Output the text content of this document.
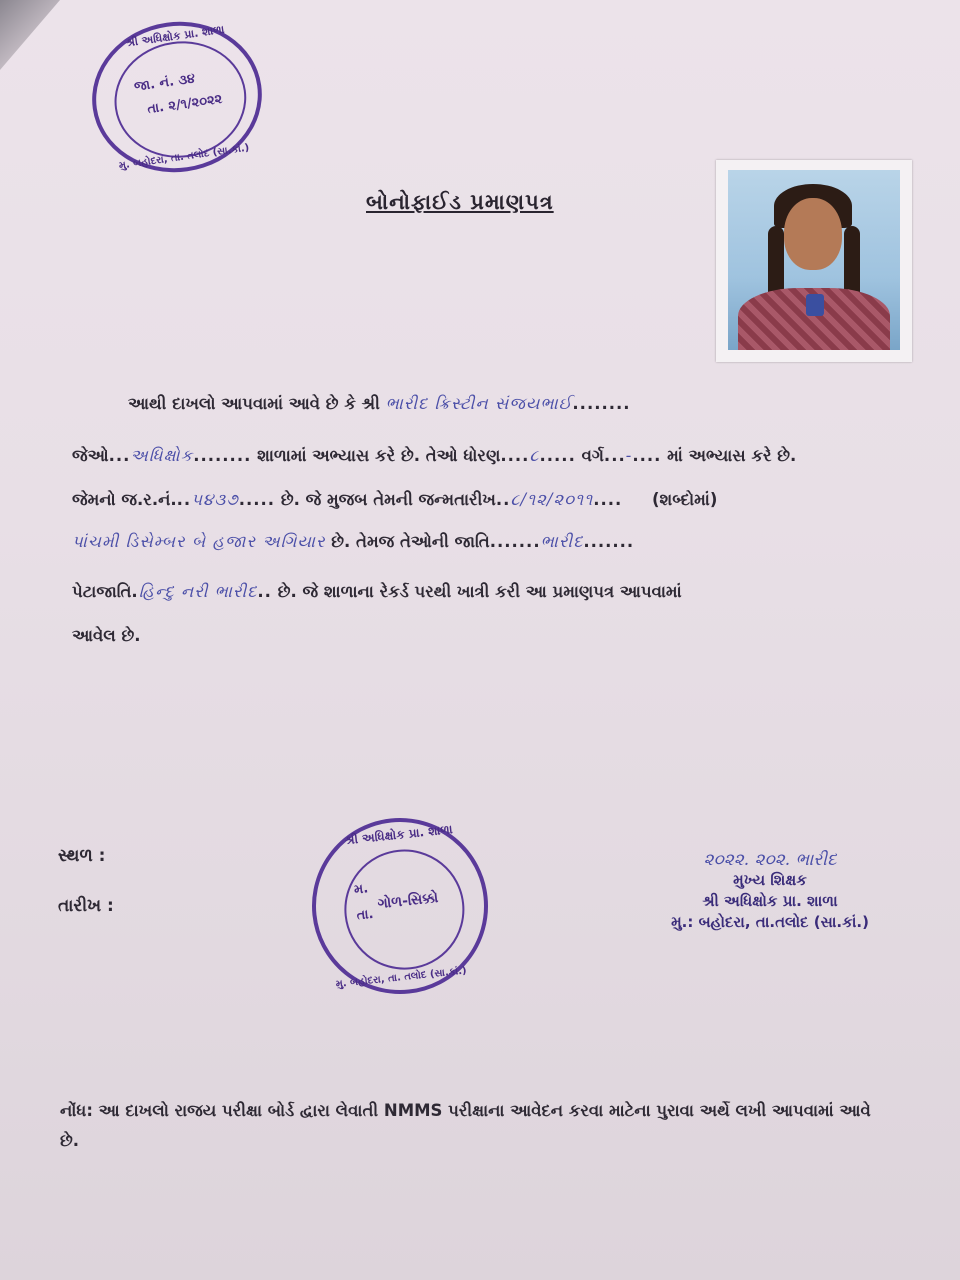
શ્રી અધિક્ષોક પ્રા. શાળા
જા. નં. ૩૪
તા. ૨/૧/૨૦૨૨
મુ. બહોદરા, તા. તલોદ (સા.કાં.)
બોનોફાઈડ પ્રમાણપત્ર
આથી દાખલો આપવામાં આવે છે કે શ્રી ભારીદ ક્રિસ્ટીન સંજયભાઈ........
જેઓ...અધિક્ષોક........ શાળામાં અભ્યાસ કરે છે. તેઓ ધોરણ....૮..... વર્ગ...-.... માં અભ્યાસ કરે છે.
જેમનો જ.ર.નં...૫૪૩૭..... છે. જે મુજબ તેમની જન્મતારીખ..૮/૧૨/૨૦૧૧.... (શબ્દોમાં)
પાંચમી ડિસેમ્બર બે હજાર અગિયાર છે. તેમજ તેઓની જાતિ.......ભારીદ.......
પેટાજાતિ.હિન્દુ નરી ભારીદ.. છે. જે શાળાના રેકર્ડ પરથી ખાત્રી કરી આ પ્રમાણપત્ર આપવામાં
આવેલ છે.
સ્થળ :
તારીખ :
શ્રી અધિક્ષોક પ્રા. શાળા
મ.
તા.
ગોળ-સિક્કો
મુ. બહોદરા, તા. તલોદ (સા.કાં.)
૨૦૨૨. ૨૦૨. ભારીદ
મુખ્ય શિક્ષક
શ્રી અધિક્ષોક પ્રા. શાળા
મુ.: બહોદરા, તા.તલોદ (સા.કાં.)
નોંધ: આ દાખલો રાજય પરીક્ષા બોર્ડ દ્વારા લેવાતી NMMS પરીક્ષાના આવેદન કરવા માટેના પુરાવા અર્થે લખી આપવામાં આવે છે.
